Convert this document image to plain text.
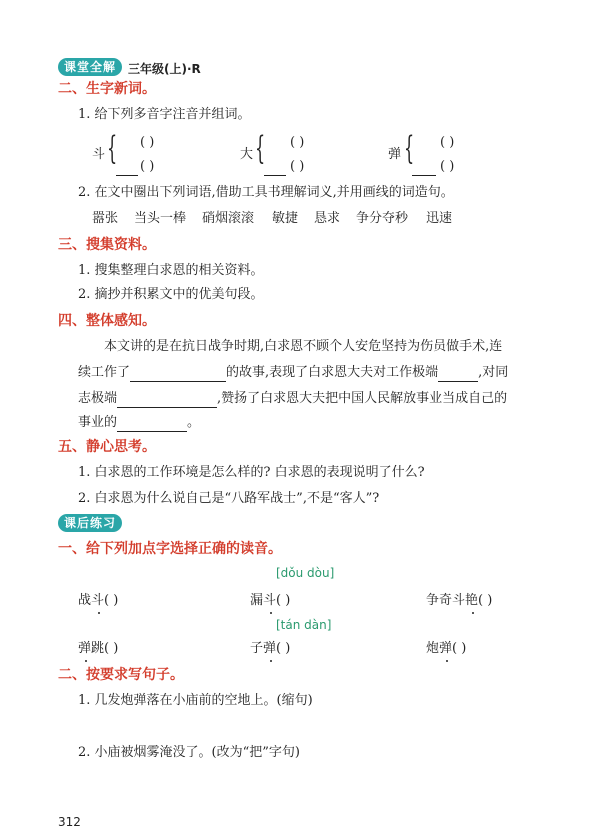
课堂全解 三年级(上)·R
二、生字新词。
1. 给下列多音字注音并组词。
斗 { ( )
( )
大 { ( )
( )
弹 { ( )
( )
2. 在文中圈出下列词语,借助工具书理解词义,并用画线的词造句。
嚣张 当头一棒 硝烟滚滚 敏捷 恳求 争分夺秒 迅速
三、搜集资料。
1. 搜集整理白求恩的相关资料。
2. 摘抄并积累文中的优美句段。
四、整体感知。
本文讲的是在抗日战争时期,白求恩不顾个人安危坚持为伤员做手术,连
续工作了	的故事,表现了白求恩大夫对工作极端	,对同
志极端	,赞扬了白求恩大夫把中国人民解放事业当成自己的
事业的	。
五、静心思考。
1. 白求恩的工作环境是怎么样的? 白求恩的表现说明了什么?
2. 白求恩为什么说自己是“八路军战士”,不是“客人”?
课后练习
一、给下列加点字选择正确的读音。
[dǒu dòu]
战斗( )	漏斗( )	争奇斗艳( )
[tán dàn]
弹跳( )	子弹( )	炮弹( )
二、按要求写句子。
1. 几发炮弹落在小庙前的空地上。(缩句)
2. 小庙被烟雾淹没了。(改为“把”字句)
312
